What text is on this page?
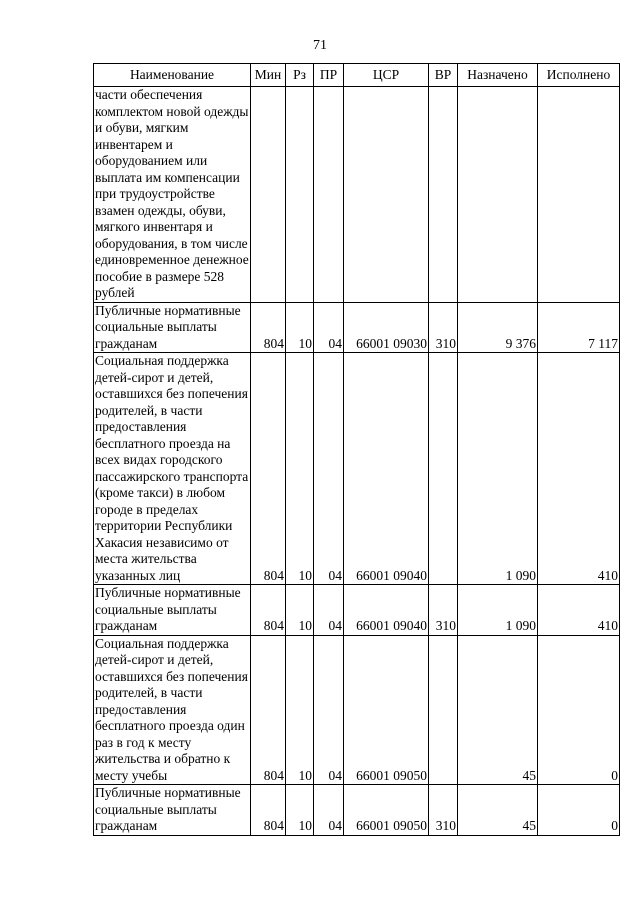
71
Наименование	Мин	Рз	ПР	ЦСР	ВР	Назначено	Исполнено
части обеспечения комплектом новой одежды и обуви, мягким инвентарем и оборудованием или выплата им компенсации при трудоустройстве взамен одежды, обуви, мягкого инвентаря и оборудования, в том числе единовременное денежное пособие в размере 528 рублей							
Публичные нормативные социальные выплаты гражданам	804	10	04	66001 09030	310	9 376	7 117
Социальная поддержка детей-сирот и детей, оставшихся без попечения родителей, в части предоставления бесплатного проезда на всех видах городского пассажирского транспорта (кроме такси) в любом городе в пределах территории Республики Хакасия независимо от места жительства указанных лиц	804	10	04	66001 09040		1 090	410
Публичные нормативные социальные выплаты гражданам	804	10	04	66001 09040	310	1 090	410
Социальная поддержка детей-сирот и детей, оставшихся без попечения родителей, в части предоставления бесплатного проезда один раз в год к месту жительства и обратно к месту учебы	804	10	04	66001 09050		45	0
Публичные нормативные социальные выплаты гражданам	804	10	04	66001 09050	310	45	0
